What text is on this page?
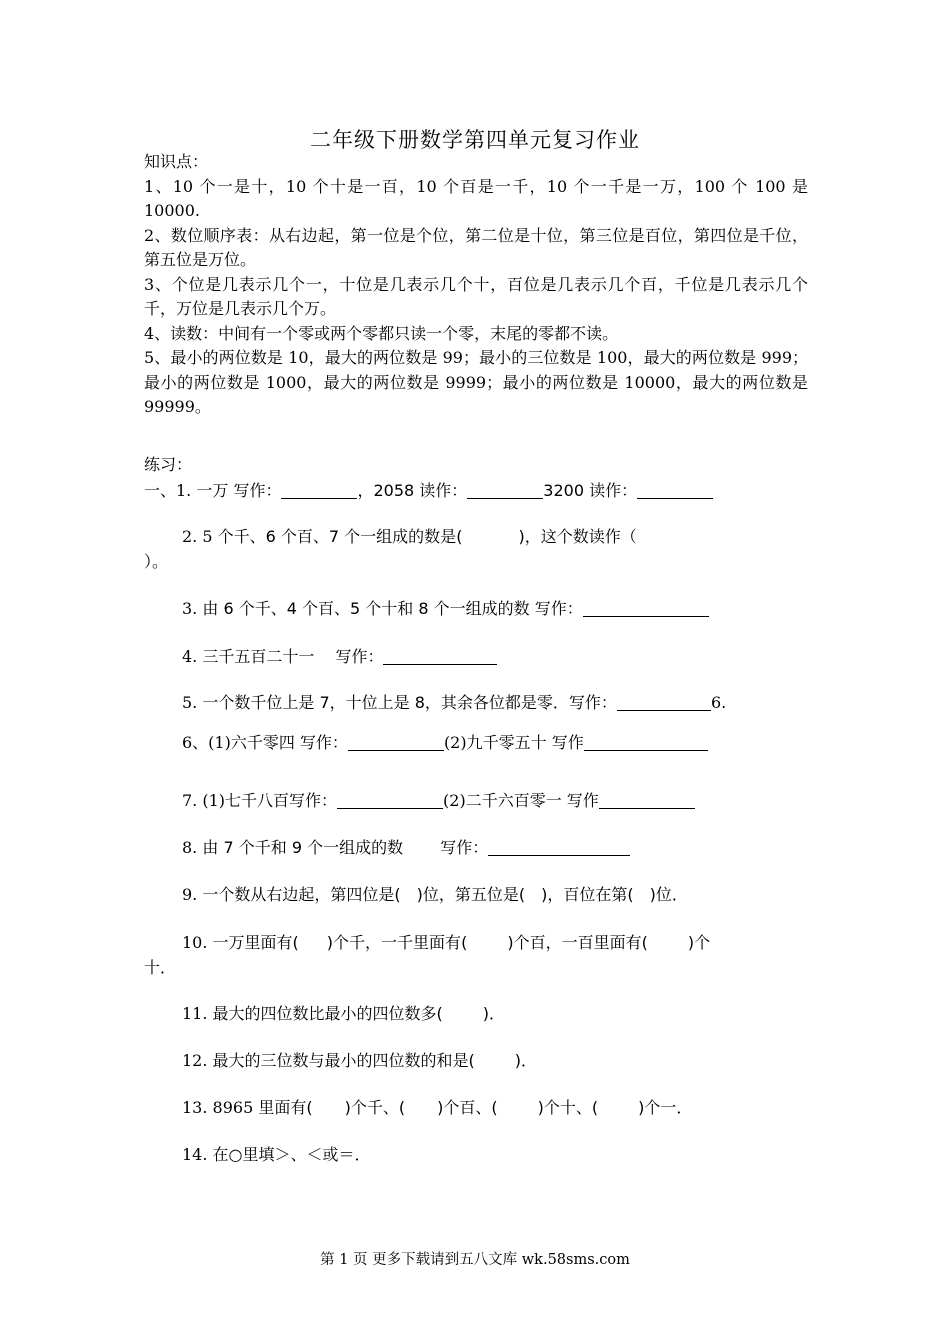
二年级下册数学第四单元复习作业

知识点：

1、10 个一是十，10 个十是一百，10 个百是一千，10 个一千是一万，100 个 100 是 10000.

2、数位顺序表：从右边起，第一位是个位，第二位是十位，第三位是百位，第四位是千位，第五位是万位。

3、个位是几表示几个一，十位是几表示几个十，百位是几表示几个百，千位是几表示几个千，万位是几表示几个万。

4、读数：中间有一个零或两个零都只读一个零，末尾的零都不读。

5、最小的两位数是 10，最大的两位数是 99；最小的三位数是 100，最大的两位数是 999；最小的两位数是 1000，最大的两位数是 9999；最小的两位数是 10000，最大的两位数是 99999。

练习：
一、1. 一万 写作：	，2058 读作：	3200 读作：
2. 5 个千、6 个百、7 个一组成的数是(	)，这个数读作（
）。
3. 由 6 个千、4 个百、5 个十和 8 个一组成的数 写作：
4. 三千五百二十一　 写作：
5. 一个数千位上是 7，十位上是 8，其余各位都是零．写作：	6.
6、(1)六千零四 写作：	(2)九千零五十 写作
7. (1)七千八百写作：	(2)二千六百零一 写作
8. 由 7 个千和 9 个一组成的数　　 写作：
9. 一个数从右边起，第四位是( )位，第五位是( )，百位在第( )位．
10. 一万里面有( )个千，一千里面有(	)个百，一百里面有(	)个
十．
11. 最大的四位数比最小的四位数多(	)．
12. 最大的三位数与最小的四位数的和是(	)．
13. 8965 里面有( )个千、( )个百、(	)个十、(	)个一．
14. 在○里填＞、＜或＝．
第 1 页 更多下载请到五八文库 wk.58sms.com
